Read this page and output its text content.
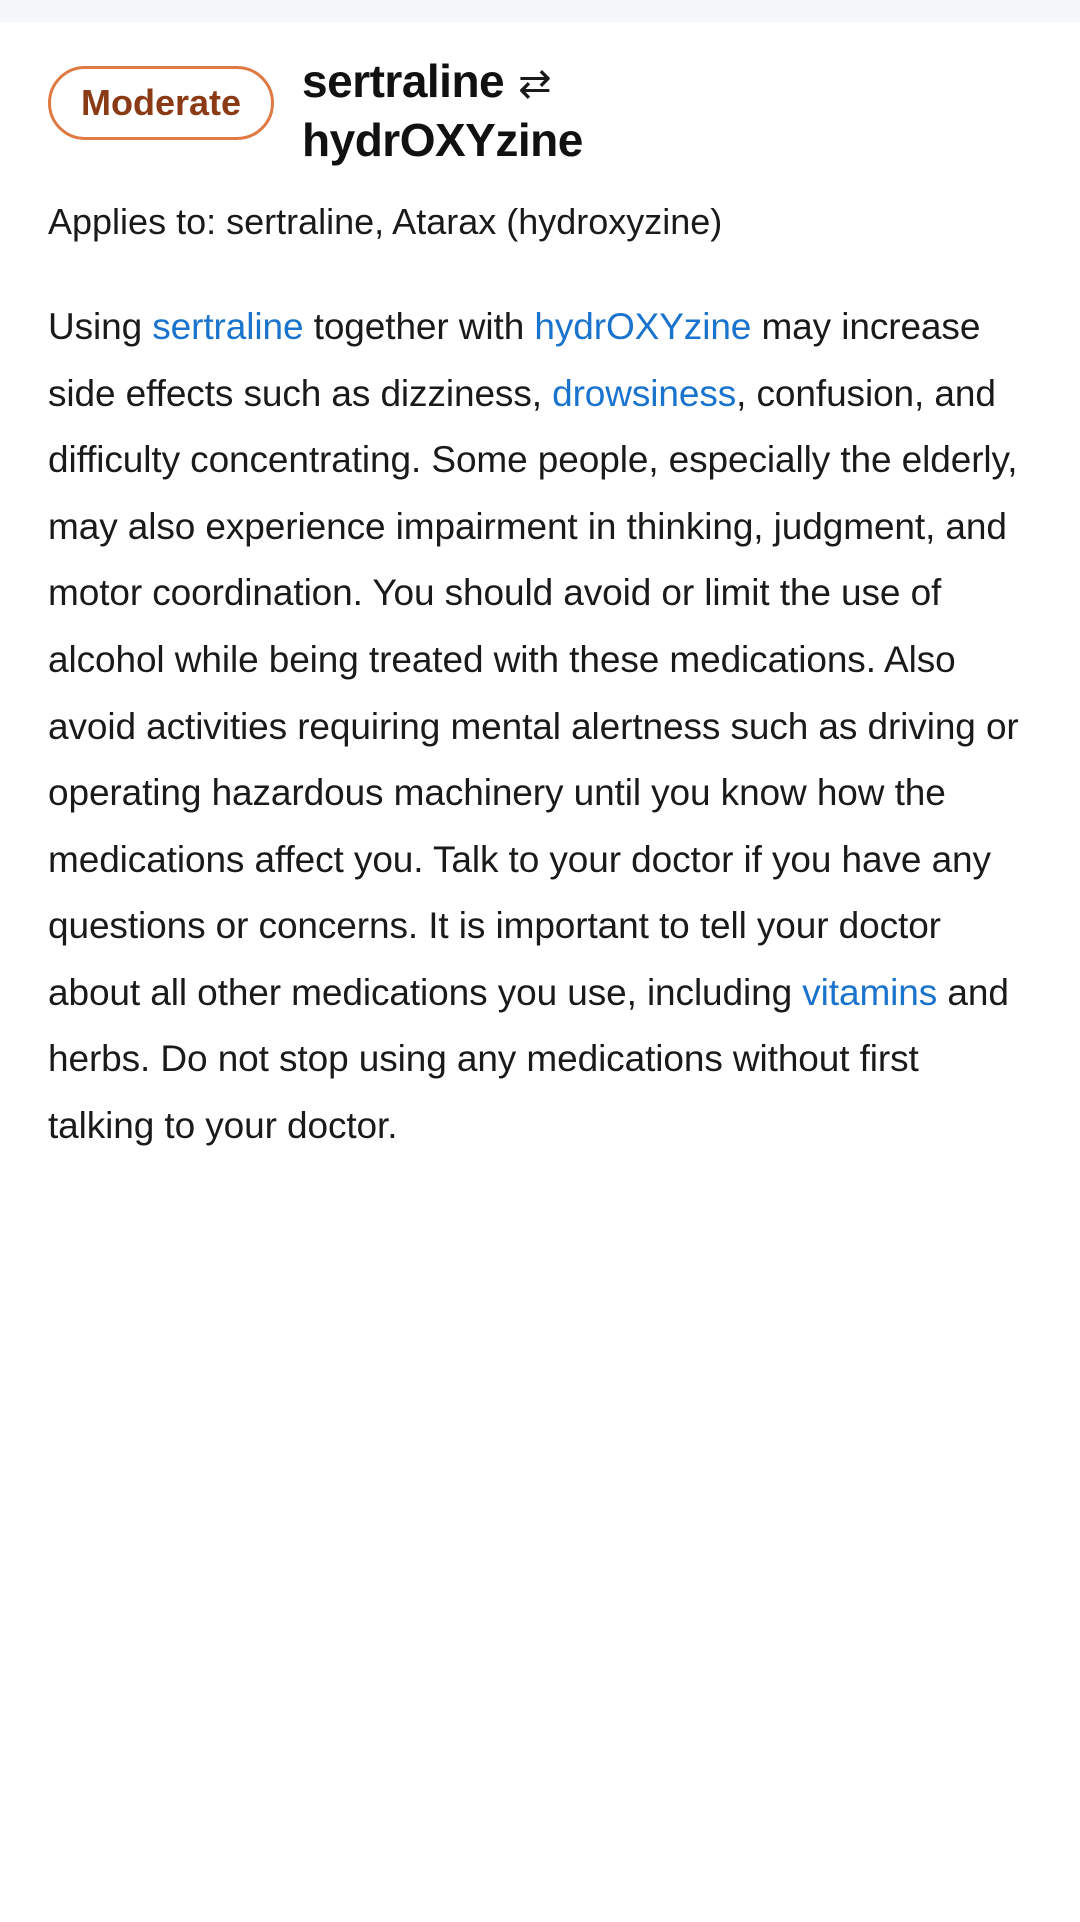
Moderate	sertraline ⇄
hydrOXYzine
Applies to: sertraline, Atarax (hydroxyzine)
Using sertraline together with hydrOXYzine may increase side effects such as dizziness, drowsiness, confusion, and difficulty concentrating. Some people, especially the elderly, may also experience impairment in thinking, judgment, and motor coordination. You should avoid or limit the use of alcohol while being treated with these medications. Also avoid activities requiring mental alertness such as driving or operating hazardous machinery until you know how the medications affect you. Talk to your doctor if you have any questions or concerns. It is important to tell your doctor about all other medications you use, including vitamins and herbs. Do not stop using any medications without first talking to your doctor.
